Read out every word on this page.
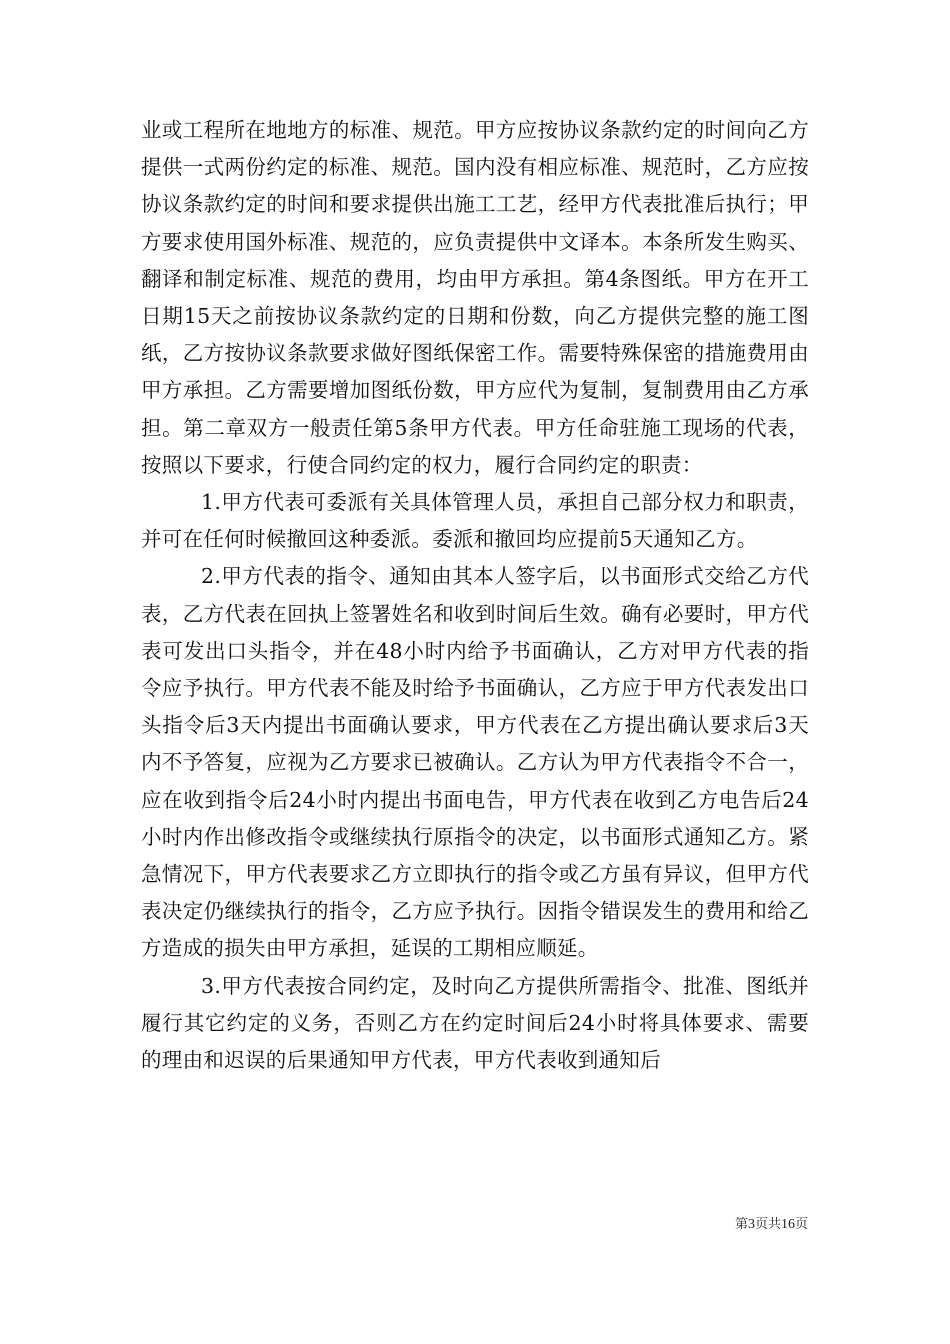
业或工程所在地地方的标准、规范。甲方应按协议条款约定的时间向乙方提供一式两份约定的标准、规范。国内没有相应标准、规范时，乙方应按协议条款约定的时间和要求提供出施工工艺，经甲方代表批准后执行；甲方要求使用国外标准、规范的，应负责提供中文译本。本条所发生购买、翻译和制定标准、规范的费用，均由甲方承担。第4条图纸。甲方在开工日期15天之前按协议条款约定的日期和份数，向乙方提供完整的施工图纸，乙方按协议条款要求做好图纸保密工作。需要特殊保密的措施费用由甲方承担。乙方需要增加图纸份数，甲方应代为复制，复制费用由乙方承担。第二章双方一般责任第5条甲方代表。甲方任命驻施工现场的代表，按照以下要求，行使合同约定的权力，履行合同约定的职责：

1.甲方代表可委派有关具体管理人员，承担自己部分权力和职责，并可在任何时候撤回这种委派。委派和撤回均应提前5天通知乙方。

2.甲方代表的指令、通知由其本人签字后，以书面形式交给乙方代表，乙方代表在回执上签署姓名和收到时间后生效。确有必要时，甲方代表可发出口头指令，并在48小时内给予书面确认，乙方对甲方代表的指令应予执行。甲方代表不能及时给予书面确认，乙方应于甲方代表发出口头指令后3天内提出书面确认要求，甲方代表在乙方提出确认要求后3天内不予答复，应视为乙方要求已被确认。乙方认为甲方代表指令不合一，应在收到指令后24小时内提出书面电告，甲方代表在收到乙方电告后24小时内作出修改指令或继续执行原指令的决定，以书面形式通知乙方。紧急情况下，甲方代表要求乙方立即执行的指令或乙方虽有异议，但甲方代表决定仍继续执行的指令，乙方应予执行。因指令错误发生的费用和给乙方造成的损失由甲方承担，延误的工期相应顺延。

3.甲方代表按合同约定，及时向乙方提供所需指令、批准、图纸并履行其它约定的义务，否则乙方在约定时间后24小时将具体要求、需要的理由和迟误的后果通知甲方代表，甲方代表收到通知后

第3页共16页
